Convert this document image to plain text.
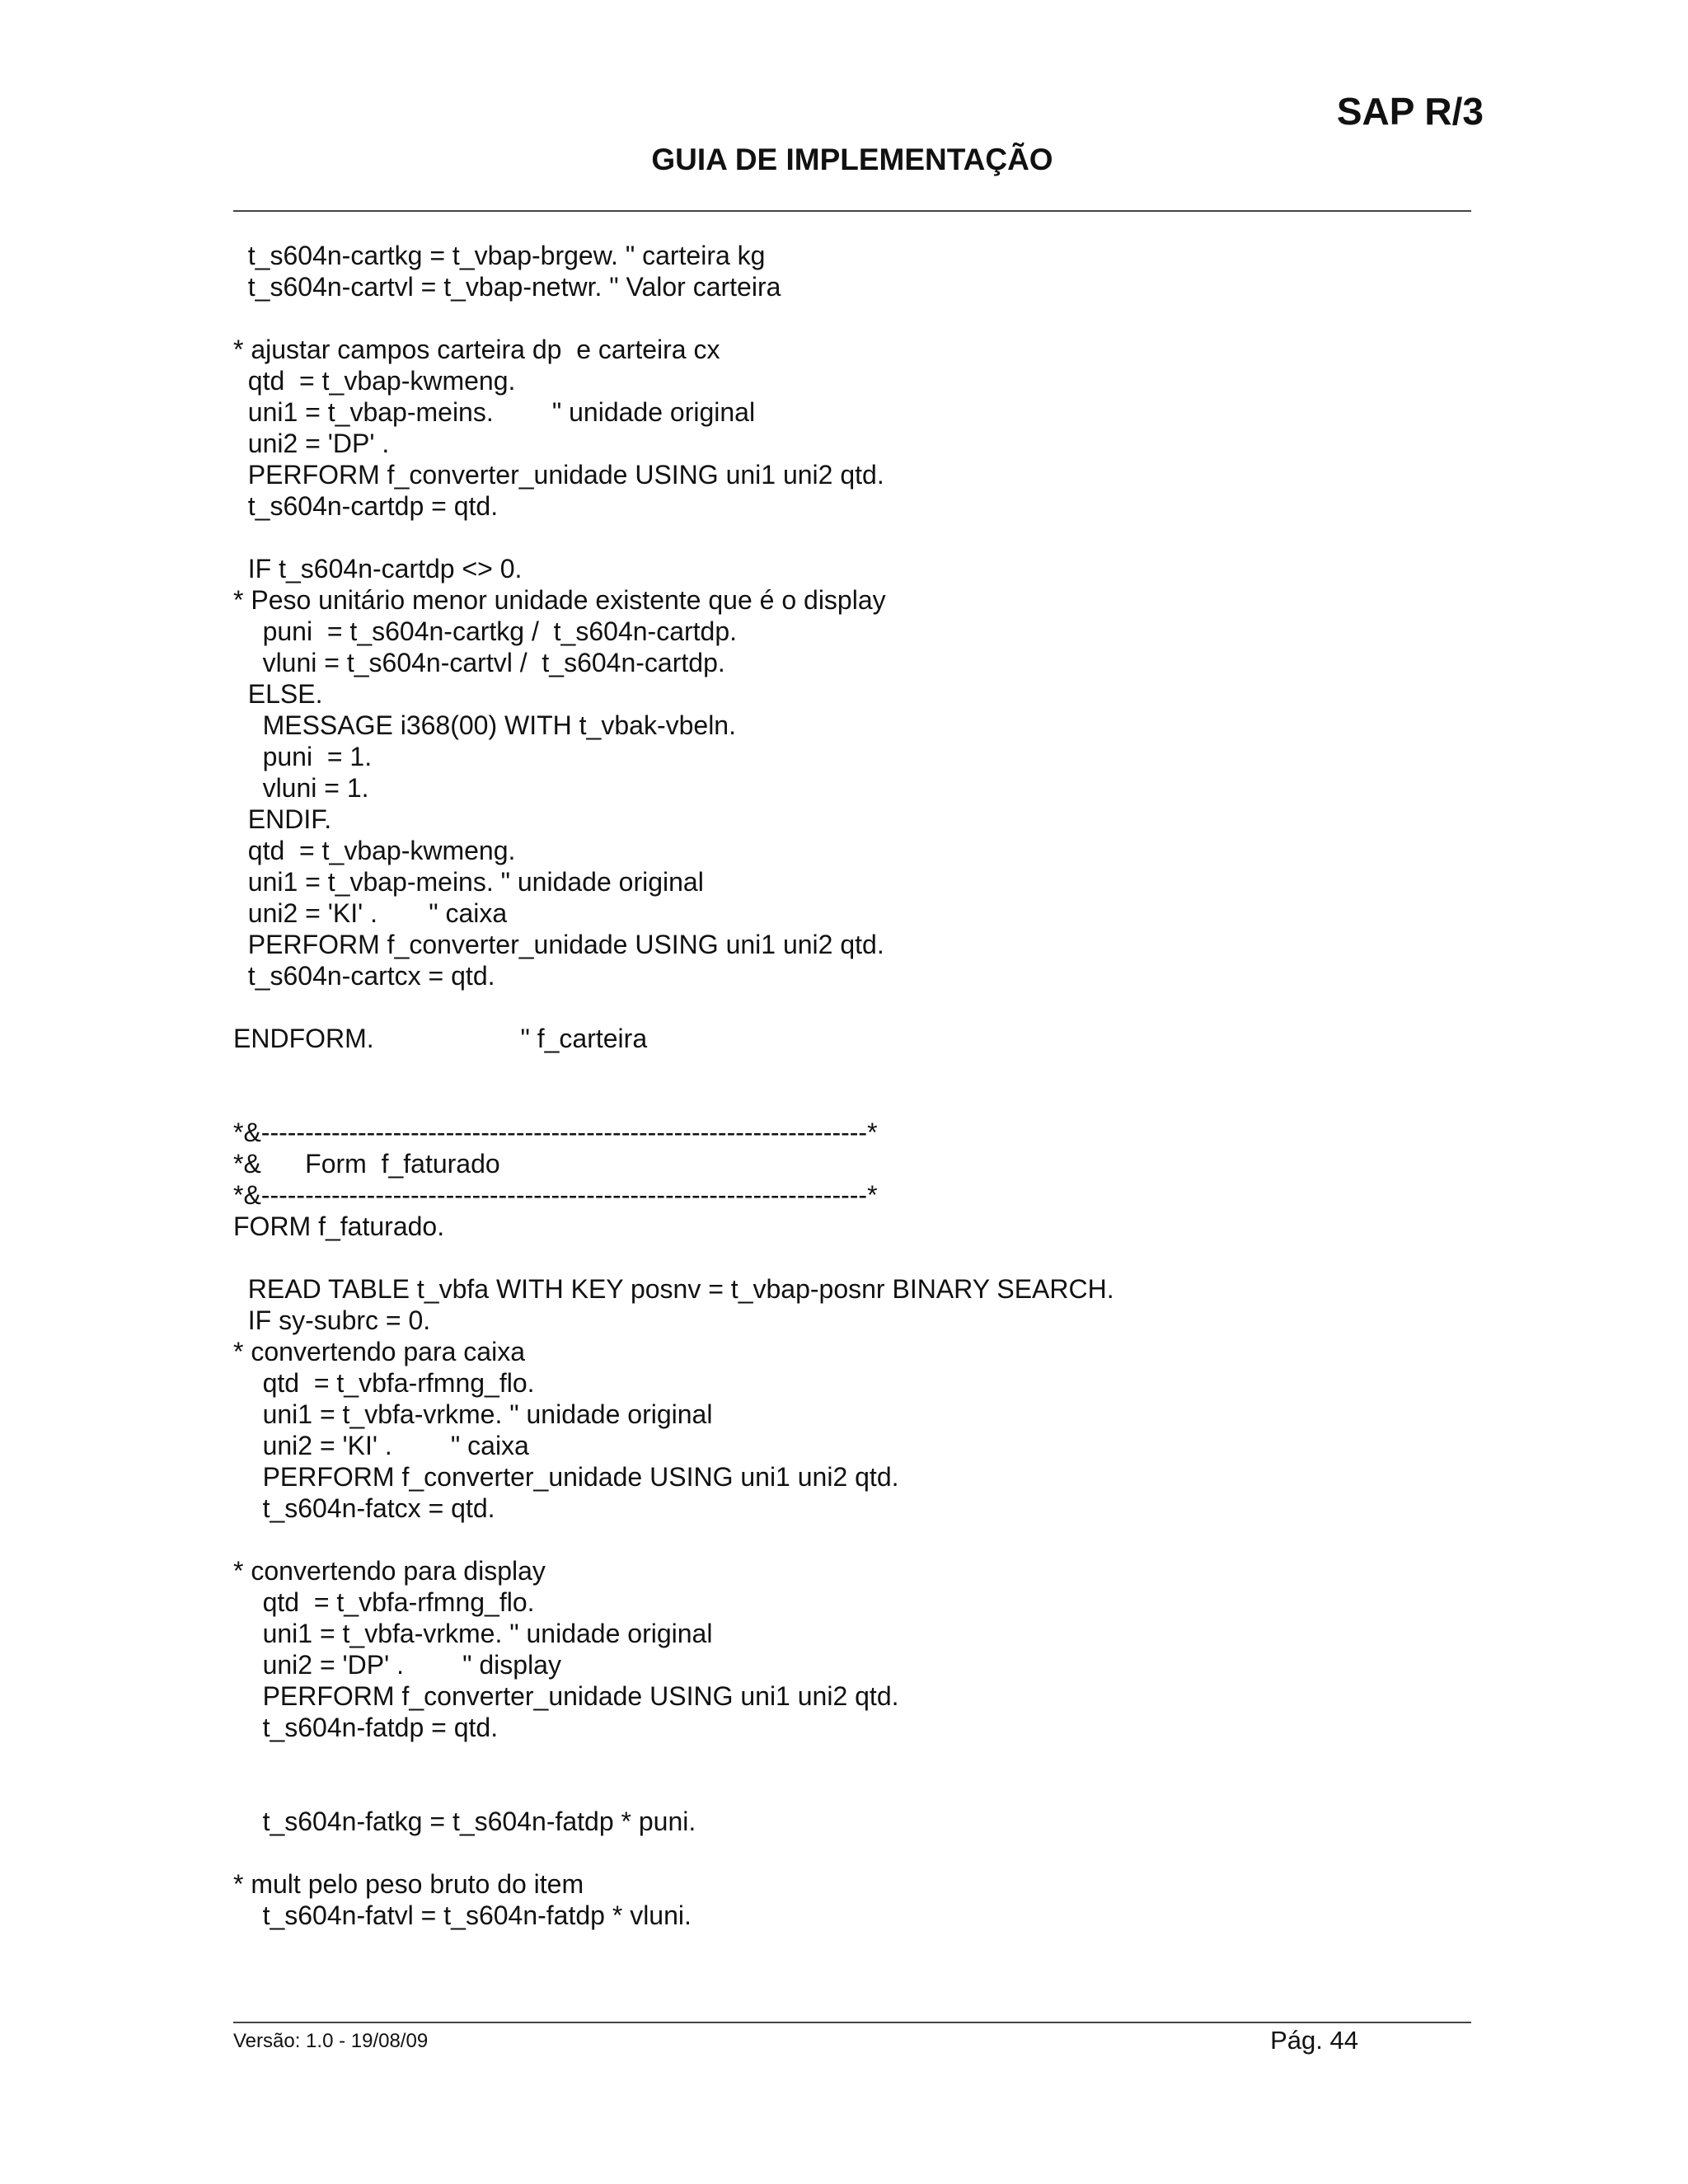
SAP R/3
GUIA DE IMPLEMENTAÇÃO
t_s604n-cartkg = t_vbap-brgew. " carteira kg
t_s604n-cartvl = t_vbap-netwr. " Valor carteira
* ajustar campos carteira dp  e carteira cx
qtd  = t_vbap-kwmeng.
uni1 = t_vbap-meins.        " unidade original
uni2 = 'DP' .
PERFORM f_converter_unidade USING uni1 uni2 qtd.
t_s604n-cartdp = qtd.
IF t_s604n-cartdp <> 0.
* Peso unitário menor unidade existente que é o display
puni  = t_s604n-cartkg /  t_s604n-cartdp.
vluni = t_s604n-cartvl /  t_s604n-cartdp.
ELSE.
MESSAGE i368(00) WITH t_vbak-vbeln.
puni  = 1.
vluni = 1.
ENDIF.
qtd  = t_vbap-kwmeng.
uni1 = t_vbap-meins. " unidade original
uni2 = 'KI' .       " caixa
PERFORM f_converter_unidade USING uni1 uni2 qtd.
t_s604n-cartcx = qtd.
ENDFORM.                    " f_carteira
*&---------------------------------------------------------------------*
*&      Form  f_faturado
*&---------------------------------------------------------------------*
FORM f_faturado.
READ TABLE t_vbfa WITH KEY posnv = t_vbap-posnr BINARY SEARCH.
IF sy-subrc = 0.
* convertendo para caixa
qtd  = t_vbfa-rfmng_flo.
uni1 = t_vbfa-vrkme. " unidade original
uni2 = 'KI' .        " caixa
PERFORM f_converter_unidade USING uni1 uni2 qtd.
t_s604n-fatcx = qtd.
* convertendo para display
qtd  = t_vbfa-rfmng_flo.
uni1 = t_vbfa-vrkme. " unidade original
uni2 = 'DP' .        " display
PERFORM f_converter_unidade USING uni1 uni2 qtd.
t_s604n-fatdp = qtd.
t_s604n-fatkg = t_s604n-fatdp * puni.
* mult pelo peso bruto do item
t_s604n-fatvl = t_s604n-fatdp * vluni.
Versão: 1.0 - 19/08/09	Pág. 44
